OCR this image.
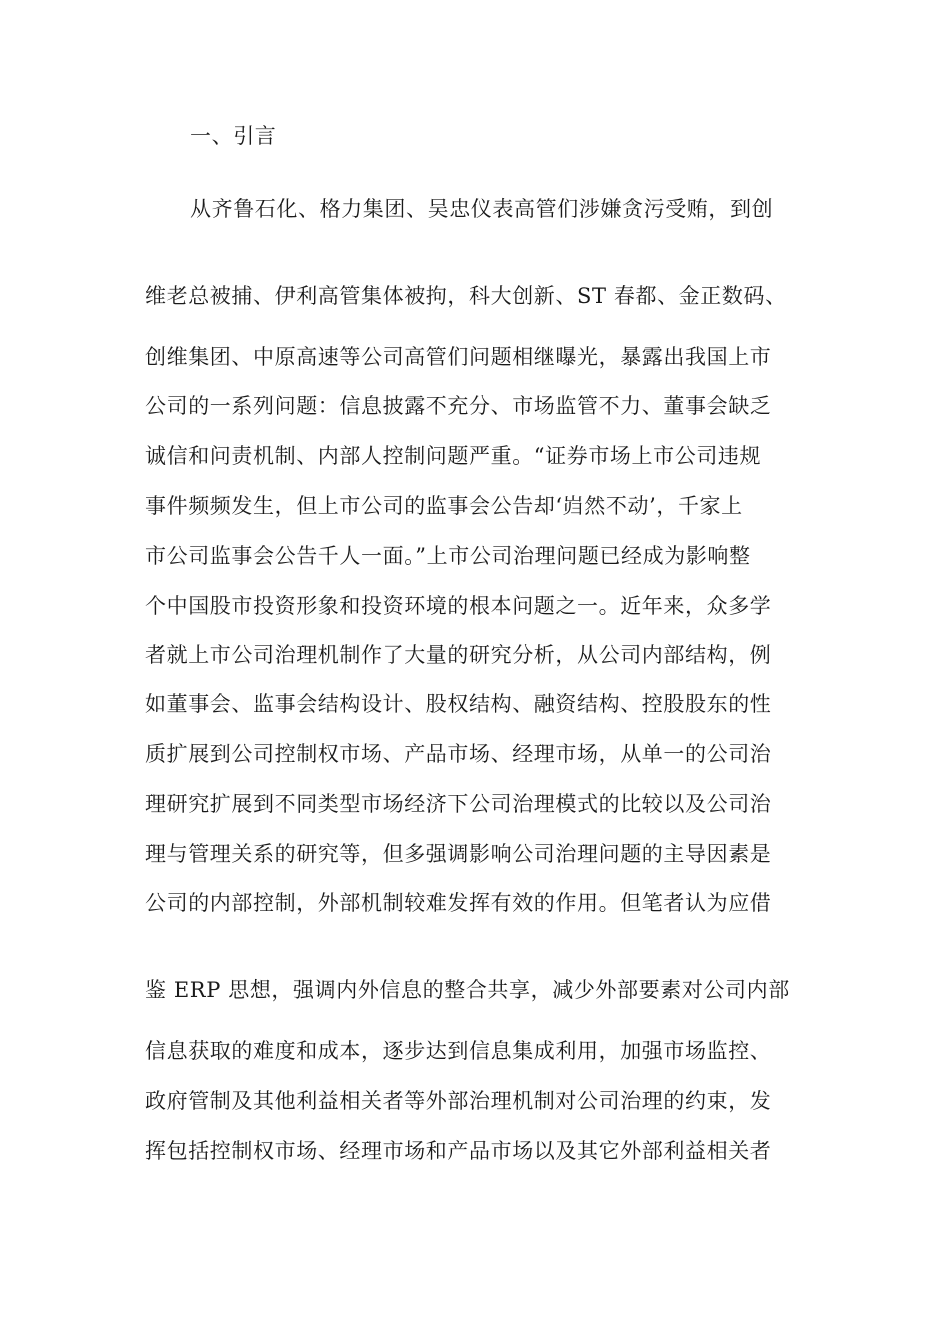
一、引言
从齐鲁石化、格力集团、吴忠仪表高管们涉嫌贪污受贿，到创
维老总被捕、伊利高管集体被拘，科大创新、ST 春都、金正数码、
创维集团、中原高速等公司高管们问题相继曝光，暴露出我国上市
公司的一系列问题：信息披露不充分、市场监管不力、董事会缺乏
诚信和问责机制、内部人控制问题严重。“证券市场上市公司违规
事件频频发生，但上市公司的监事会公告却‘岿然不动’，千家上
市公司监事会公告千人一面。”上市公司治理问题已经成为影响整
个中国股市投资形象和投资环境的根本问题之一。近年来，众多学
者就上市公司治理机制作了大量的研究分析，从公司内部结构，例
如董事会、监事会结构设计、股权结构、融资结构、控股股东的性
质扩展到公司控制权市场、产品市场、经理市场，从单一的公司治
理研究扩展到不同类型市场经济下公司治理模式的比较以及公司治
理与管理关系的研究等，但多强调影响公司治理问题的主导因素是
公司的内部控制，外部机制较难发挥有效的作用。但笔者认为应借
鉴 ERP 思想，强调内外信息的整合共享，减少外部要素对公司内部
信息获取的难度和成本，逐步达到信息集成利用，加强市场监控、
政府管制及其他利益相关者等外部治理机制对公司治理的约束，发
挥包括控制权市场、经理市场和产品市场以及其它外部利益相关者
